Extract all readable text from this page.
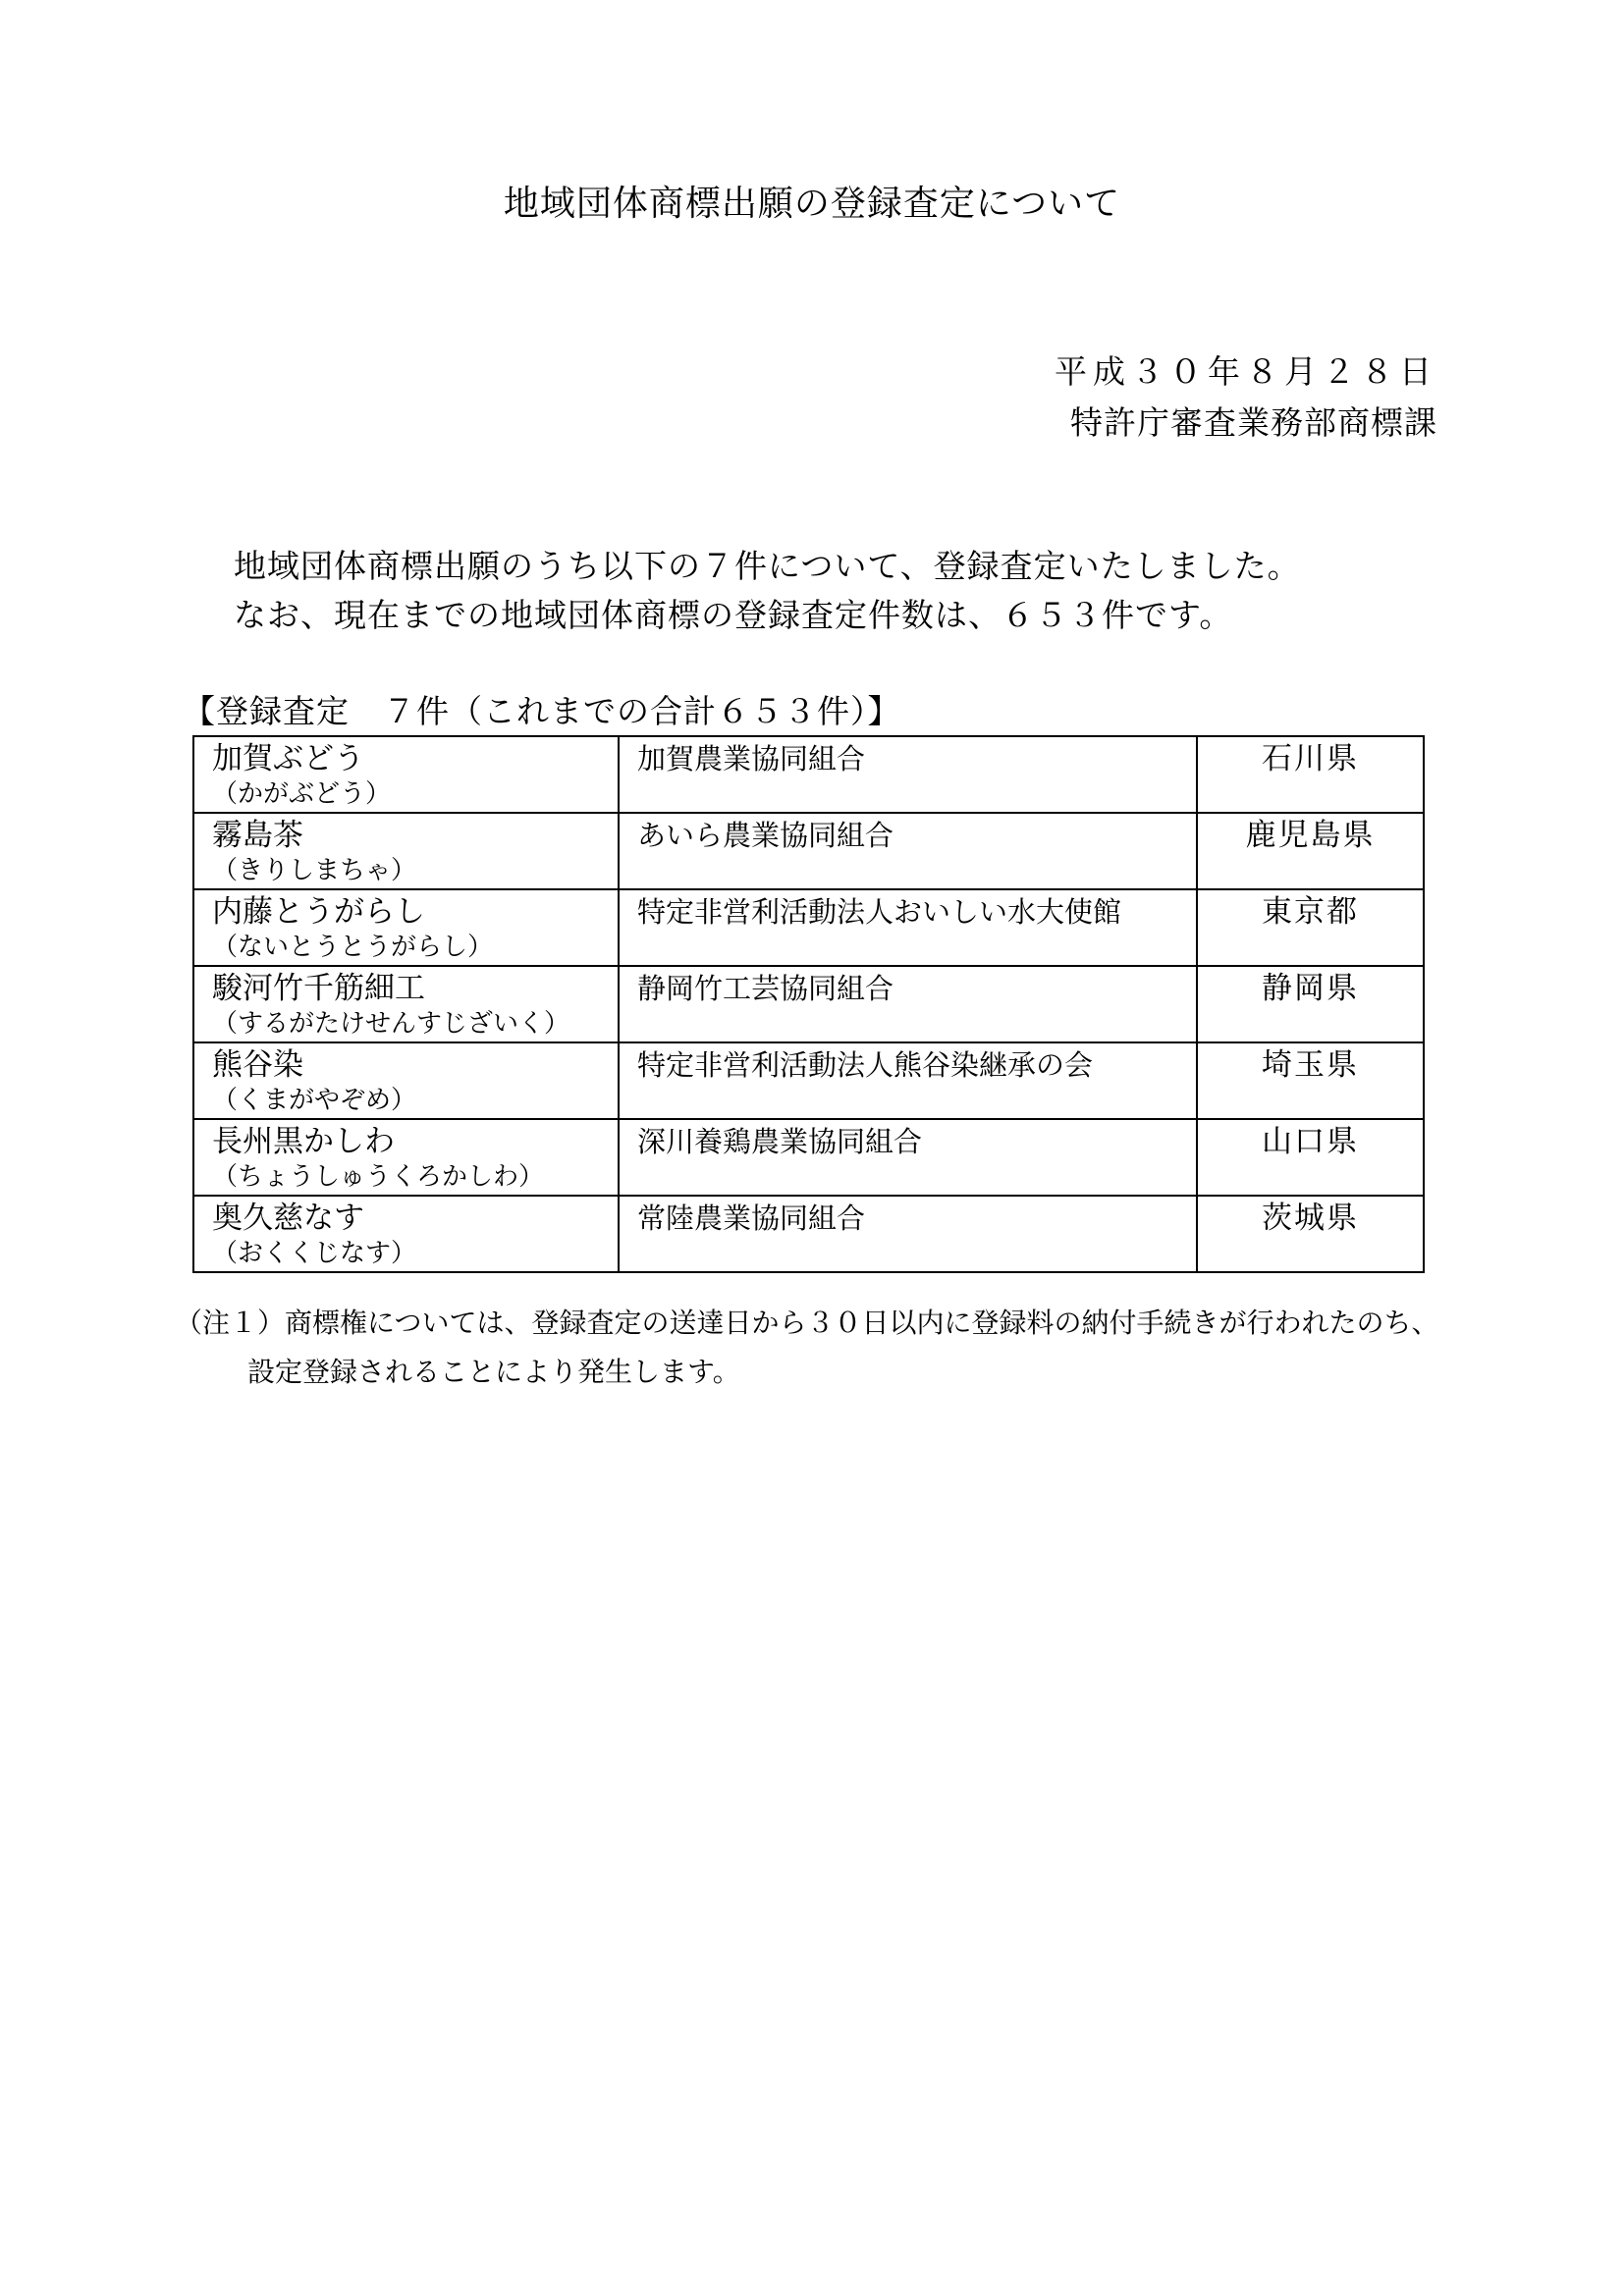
地域団体商標出願の登録査定について
平成３０年８月２８日
特許庁審査業務部商標課
地域団体商標出願のうち以下の７件について、登録査定いたしました。
なお、現在までの地域団体商標の登録査定件数は、６５３件です。
【登録査定　７件（これまでの合計６５３件）】
加賀ぶどう
（かがぶどう）	加賀農業協同組合	石川県

霧島茶
（きりしまちゃ）	あいら農業協同組合	鹿児島県

内藤とうがらし
（ないとうとうがらし）	特定非営利活動法人おいしい水大使館	東京都

駿河竹千筋細工
（するがたけせんすじざいく）	静岡竹工芸協同組合	静岡県

熊谷染
（くまがやぞめ）	特定非営利活動法人熊谷染継承の会	埼玉県

長州黒かしわ
（ちょうしゅうくろかしわ）	深川養鶏農業協同組合	山口県

奥久慈なす
（おくくじなす）	常陸農業協同組合	茨城県
（注１）商標権については、登録査定の送達日から３０日以内に登録料の納付手続きが行われたのち、
設定登録されることにより発生します。
